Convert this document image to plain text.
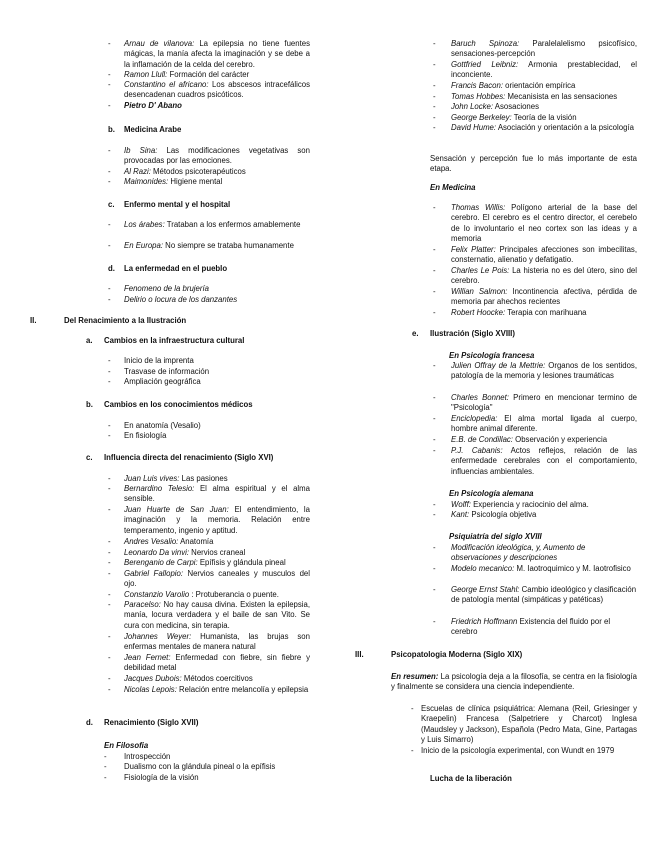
- Arnau de vilanova: La epilepsia no tiene fuentes mágicas, la manía afecta la imaginación y se debe a la inflamación de la celda del cerebro.
- Ramon Llull: Formación del carácter
- Constantino el africano: Los abscesos intracefálicos desencadenan cuadros psicóticos.
- Pietro D' Abano
b. Medicina Arabe
- Ib Sina: Las modificaciones vegetativas son provocadas por las emociones.
- Al Razi: Métodos psicoterapéuticos
- Maimonides: Higiene mental
c. Enfermo mental y el hospital
- Los árabes: Trataban a los enfermos amablemente
- En Europa: No siempre se trataba humanamente
d. La enfermedad en el pueblo
- Fenomeno de la brujería
- Delirio o locura de los danzantes
II.	Del Renacimiento a la Ilustración
a. Cambios en la infraestructura cultural
- Inicio de la imprenta
- Trasvase de información
- Ampliación geográfica
b. Cambios en los conocimientos médicos
- En anatomía (Vesalio)
- En fisiología
c. Influencia directa del renacimiento (Siglo XVI)
- Juan Luis vives: Las pasiones
- Bernardino Telesio: El alma espiritual y el alma sensible.
- Juan Huarte de San Juan: El entendimiento, la imaginación y la memoria. Relación entre temperamento, ingenio y aptitud.
- Andres Vesalio: Anatomía
- Leonardo Da vinvi: Nervios craneal
- Berenganio de Carpi: Epífisis y glándula pineal
- Gabriel Fallopio: Nervios caneales y musculos del ojo.
- Constanzio Varolio : Protuberancia o puente.
- Paracelso: No hay causa divina. Existen la epilepsia, manía, locura verdadera y el baile de san Vito. Se cura con medicina, sin terapia.
- Johannes Weyer: Humanista, las brujas son enfermas mentales de manera natural
- Jean Fernet: Enfermedad con fiebre, sin fiebre y debilidad metal
- Jacques Dubois: Métodos coercitivos
- Nicolas Lepois: Relación entre melancolía y epilepsia
d. Renacimiento (Siglo XVII)
En Filosofia
- Introspección
- Dualismo con la glándula pineal o la epífisis
- Fisiología de la visión
- Baruch Spinoza: Paralelalelismo psicofísico, sensaciones-percepción
- Gottfried Leibniz: Armonia prestablecidad, el inconciente.
- Francis Bacon: orientación empírica
- Tomas Hobbes: Mecanisista en las sensaciones
- John Locke: Asosaciones
- George Berkeley: Teoría de la visión
- David Hume: Asociación y orientación a la psicología
Sensación y percepción fue lo más importante de esta etapa.
En Medicina
- Thomas Willis: Polígono arterial de la base del cerebro. El cerebro es el centro director, el cerebelo de lo involuntario el neo cortex son las ideas y a memoria
- Felix Platter: Principales afecciones son imbecilitas, consternatio, alienatio y defatigatio.
- Charles Le Pois: La histeria no es del útero, sino del cerebro.
- Willian Salmon: Incontinencia afectiva, pérdida de memoria par ahechos recientes
- Robert Hoocke: Terapia con marihuana
e. Ilustración (Siglo XVIII)
En Psicología francesa
- Julien Offray de la Mettrie: Organos de los sentidos, patología de la memoria y lesiones traumáticas
- Charles Bonnet: Primero en mencionar termino de "Psicología"
- Enciclopedia: El alma mortal ligada al cuerpo, hombre animal diferente.
- E.B. de Condillac: Observación y experiencia
- P.J. Cabanis: Actos reflejos, relación de las enfermedade cerebrales con el comportamiento, influencias ambientales.
En Psicología alemana
- Wolff: Experiencia y raciocinio del alma.
- Kant: Psicología objetiva
Psiquiatría del siglo XVIII
- Modificación ideológica, y, Aumento de observaciones y descripciones
- Modelo mecanico: M. Iaotroquimico y M. Iaotrofisico
- George Ernst Stahl: Cambio ideológico y clasificación de patología mental (simpáticas y patéticas)
- Friedrich Hoffmann Existencia del fluido por el cerebro
III.	Psicopatologia Moderna (Siglo XIX)
En resumen: La psicología deja a la filosofía, se centra en la fisiología y finalmente se considera una ciencia independiente.
- Escuelas de clínica psiquiátrica: Alemana (Reil, Griesinger y Kraepelin) Francesa (Salpetriere y Charcot) Inglesa (Maudsley y Jackson), Española (Pedro Mata, Gine, Partagas y Luis Simarro)
- Inicio de la psicología experimental, con Wundt en 1979
Lucha de la liberación
